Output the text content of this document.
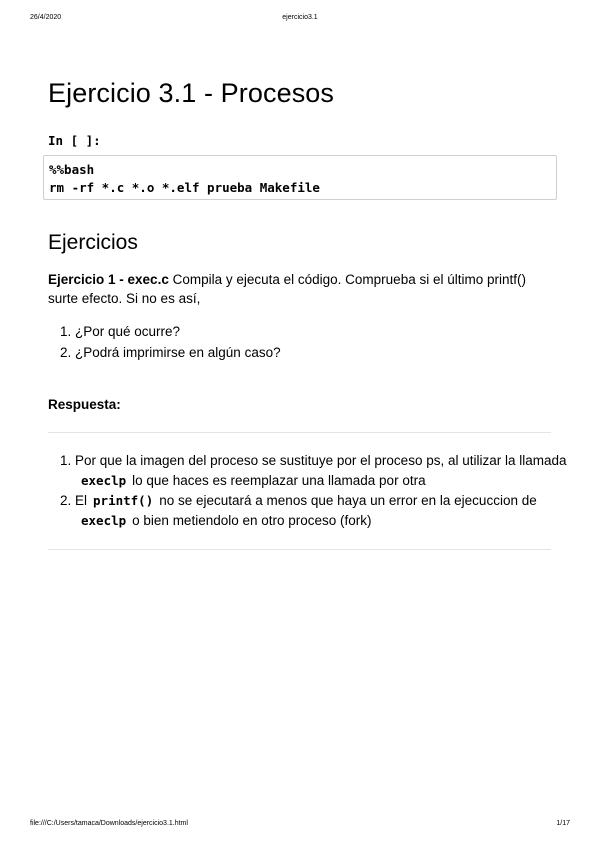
26/4/2020	ejercicio3.1
Ejercicio 3.1 - Procesos
In [ ]:
%%bash
rm -rf *.c *.o *.elf prueba Makefile
Ejercicios
Ejercicio 1 - exec.c Compila y ejecuta el código. Comprueba si el último printf() surte efecto. Si no es así,
1. ¿Por qué ocurre?
2. ¿Podrá imprimirse en algún caso?
Respuesta:
1. Por que la imagen del proceso se sustituye por el proceso ps, al utilizar la llamada execlp lo que haces es reemplazar una llamada por otra
2. El printf() no se ejecutará a menos que haya un error en la ejecuccion de execlp o bien metiendolo en otro proceso (fork)
file:///C:/Users/tamaca/Downloads/ejercicio3.1.html	1/17
